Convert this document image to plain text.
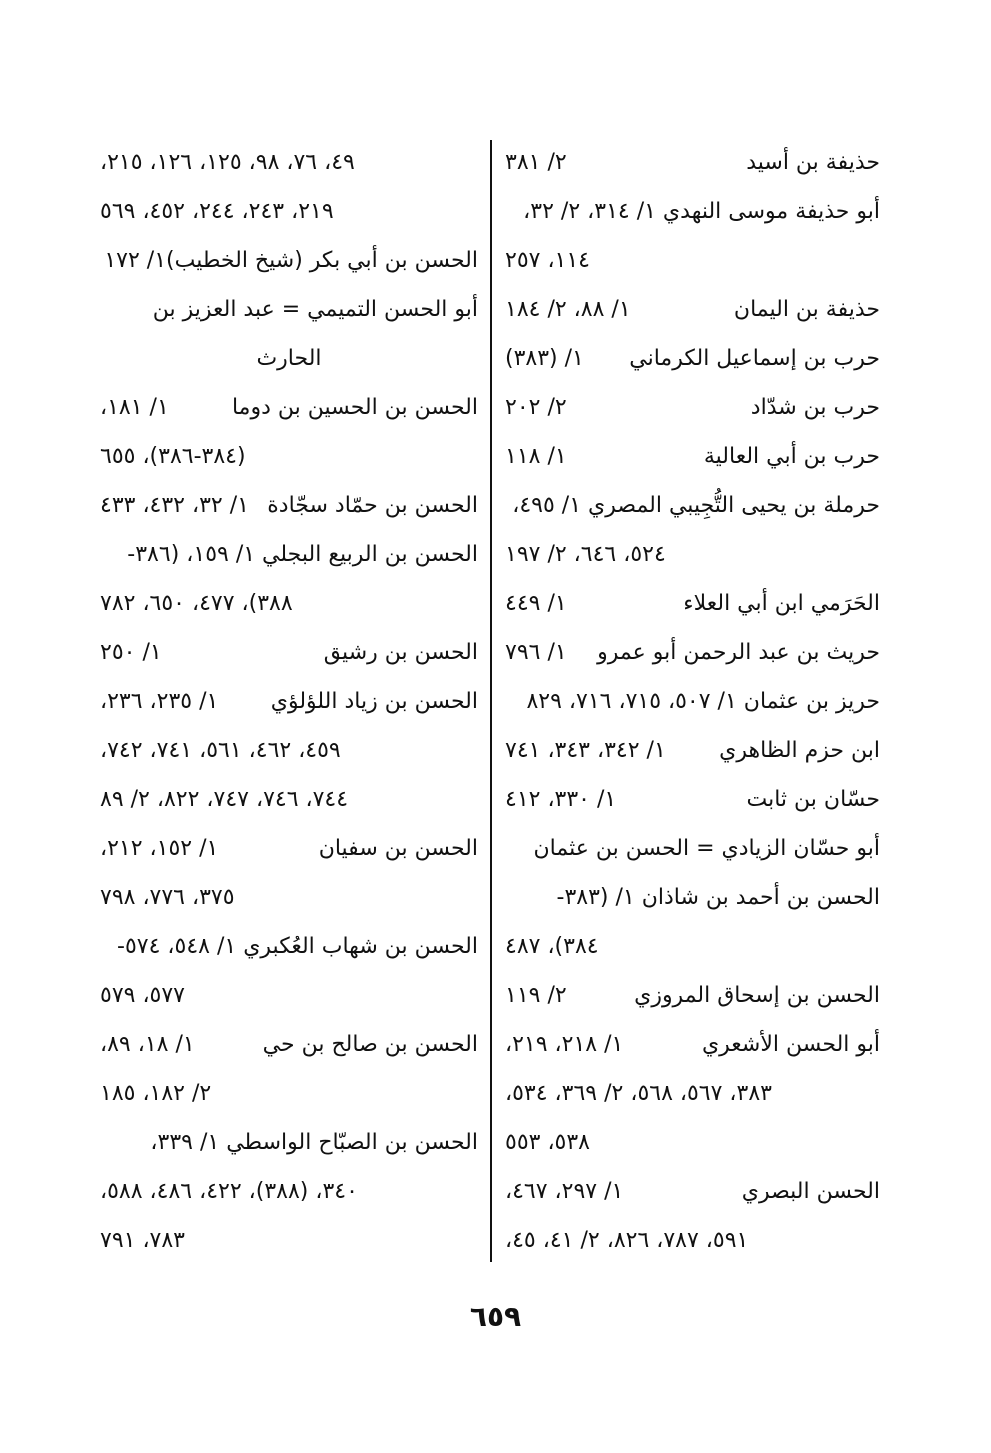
حذيفة بن أسيد
٢/ ٣٨١
أبو حذيفة موسى النهدي ١/ ٣١٤، ٢/ ٣٢،
١١٤، ٢٥٧
حذيفة بن اليمان
١/ ٨٨، ٢/ ١٨٤
حرب بن إسماعيل الكرماني
١/ (٣٨٣)
حرب بن شدّاد
٢/ ٢٠٢
حرب بن أبي العالية
١/ ١١٨
حرملة بن يحيى التُّجِيبي المصري ١/ ٤٩٥،
٥٢٤، ٦٤٦، ٢/ ١٩٧
الحَرَمي ابن أبي العلاء
١/ ٤٤٩
حريث بن عبد الرحمن أبو عمرو
١/ ٧٩٦
حريز بن عثمان ١/ ٥٠٧، ٧١٥، ٧١٦، ٨٢٩
ابن حزم الظاهري
١/ ٣٤٢، ٣٤٣، ٧٤١
حسّان بن ثابت
١/ ٣٣٠، ٤١٢
أبو حسّان الزيادي = الحسن بن عثمان
الحسن بن أحمد بن شاذان ١/ (٣٨٣-
٣٨٤)، ٤٨٧
الحسن بن إسحاق المروزي
٢/ ١١٩
أبو الحسن الأشعري
١/ ٢١٨، ٢١٩،
٣٨٣، ٥٦٧، ٥٦٨، ٢/ ٣٦٩، ٥٣٤،
٥٣٨، ٥٥٣
الحسن البصري
١/ ٢٩٧، ٤٦٧،
٥٩١، ٧٨٧، ٨٢٦، ٢/ ٤١، ٤٥،
٤٩، ٧٦، ٩٨، ١٢٥، ١٢٦، ٢١٥،
٢١٩، ٢٤٣، ٢٤٤، ٤٥٢، ٥٦٩
الحسن بن أبي بكر (شيخ الخطيب)١/ ١٧٢
أبو الحسن التميمي = عبد العزيز بن
الحارث
الحسن بن الحسين بن دوما
١/ ١٨١،
(٣٨٤-٣٨٦)، ٦٥٥
الحسن بن حمّاد سجّادة
١/ ٣٢، ٤٣٢، ٤٣٣
الحسن بن الربيع البجلي ١/ ١٥٩، (٣٨٦-
٣٨٨)، ٤٧٧، ٦٥٠، ٧٨٢
الحسن بن رشيق
١/ ٢٥٠
الحسن بن زياد اللؤلؤي
١/ ٢٣٥، ٢٣٦،
٤٥٩، ٤٦٢، ٥٦١، ٧٤١، ٧٤٢،
٧٤٤، ٧٤٦، ٧٤٧، ٨٢٢، ٢/ ٨٩
الحسن بن سفيان
١/ ١٥٢، ٢١٢،
٣٧٥، ٧٧٦، ٧٩٨
الحسن بن شهاب العُكبري ١/ ٥٤٨، ٥٧٤-
٥٧٧، ٥٧٩
الحسن بن صالح بن حي
١/ ١٨، ٨٩،
٢/ ١٨٢، ١٨٥
الحسن بن الصبّاح الواسطي ١/ ٣٣٩،
٣٤٠، (٣٨٨)، ٤٢٢، ٤٨٦، ٥٨٨،
٧٨٣، ٧٩١
٦٥٩
